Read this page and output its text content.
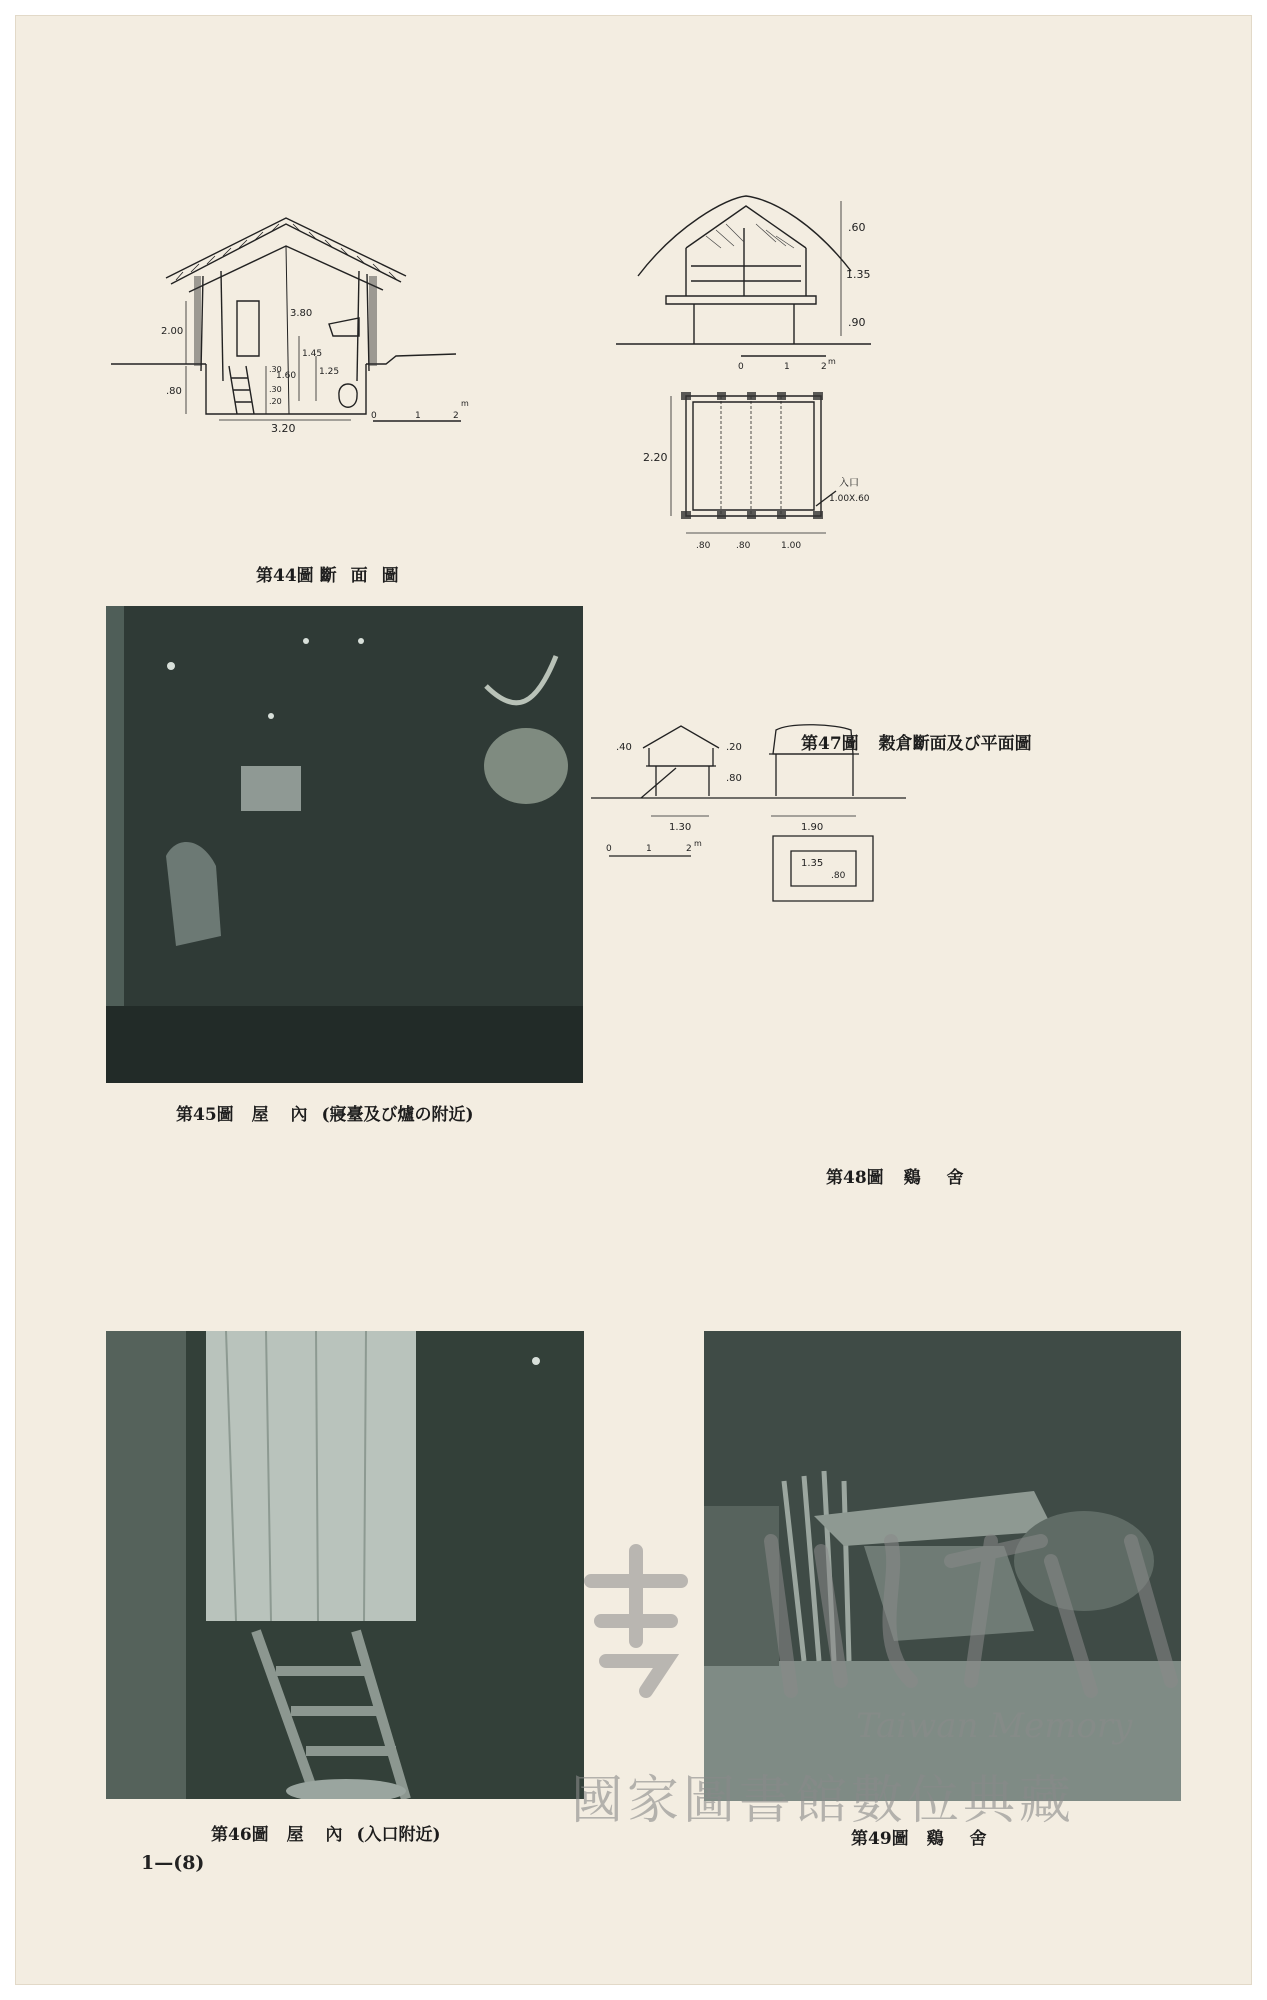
3.80
2.00
.80
1.45
1.25
1.60
.30
.30
.20
3.20
0	1	2
m
第44圖 斷面圖
.60
1.35
.90
0	1	2
m
2.20
.80	.80	1.00
入口
1.00X.60
第47圖 穀倉斷面及び平面圖
第45圖 屋 內 (寢臺及び爐の附近)
.40	.20
.80
1.30	1.90
1.35
.80
0	1	2
m
第48圖 鷄 舍
第46圖 屋 內 (入口附近)	第49圖 鷄 舍
Taiwan Memory
國家圖書館數位典藏
1—(8)
